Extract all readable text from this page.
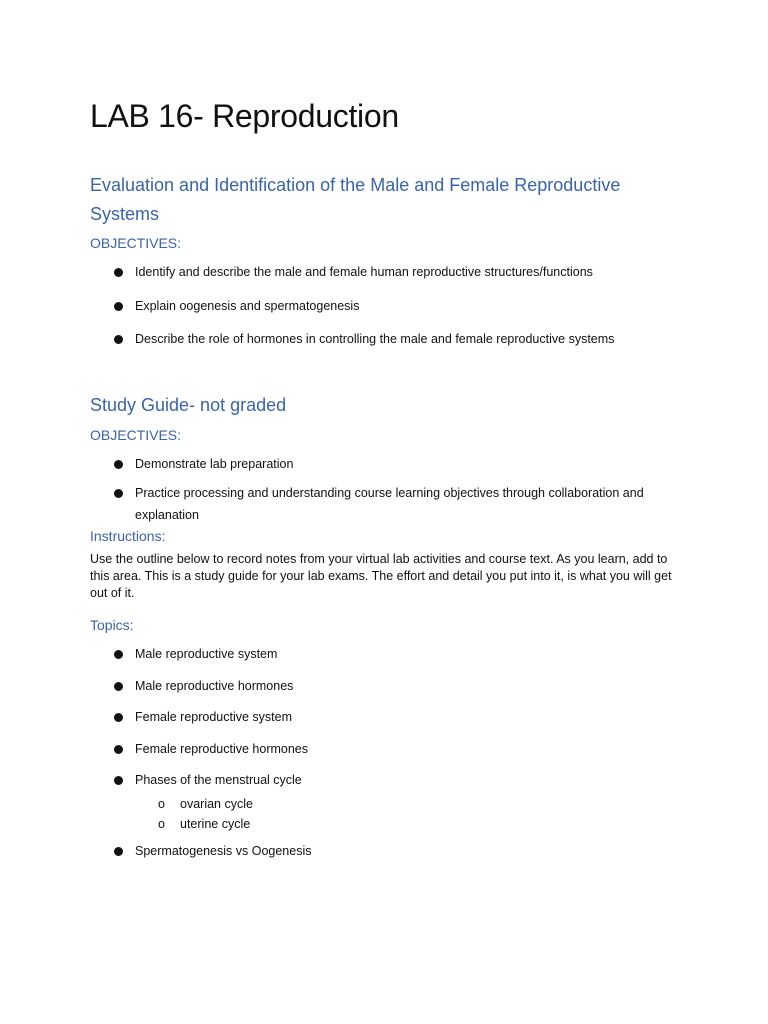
LAB 16- Reproduction
Evaluation and Identification of the Male and Female Reproductive Systems
OBJECTIVES:
Identify and describe the male and female human reproductive structures/functions
Explain oogenesis and spermatogenesis
Describe the role of hormones in controlling the male and female reproductive systems
Study Guide- not graded
OBJECTIVES:
Demonstrate lab preparation
Practice processing and understanding course learning objectives through collaboration and explanation
Instructions:

Use the outline below to record notes from your virtual lab activities and course text. As you learn, add to this area. This is a study guide for your lab exams. The effort and detail you put into it, is what you will get out of it.

Topics:
Male reproductive system
Male reproductive hormones
Female reproductive system
Female reproductive hormones
Phases of the menstrual cycle
o ovarian cycle
o uterine cycle
Spermatogenesis vs Oogenesis
